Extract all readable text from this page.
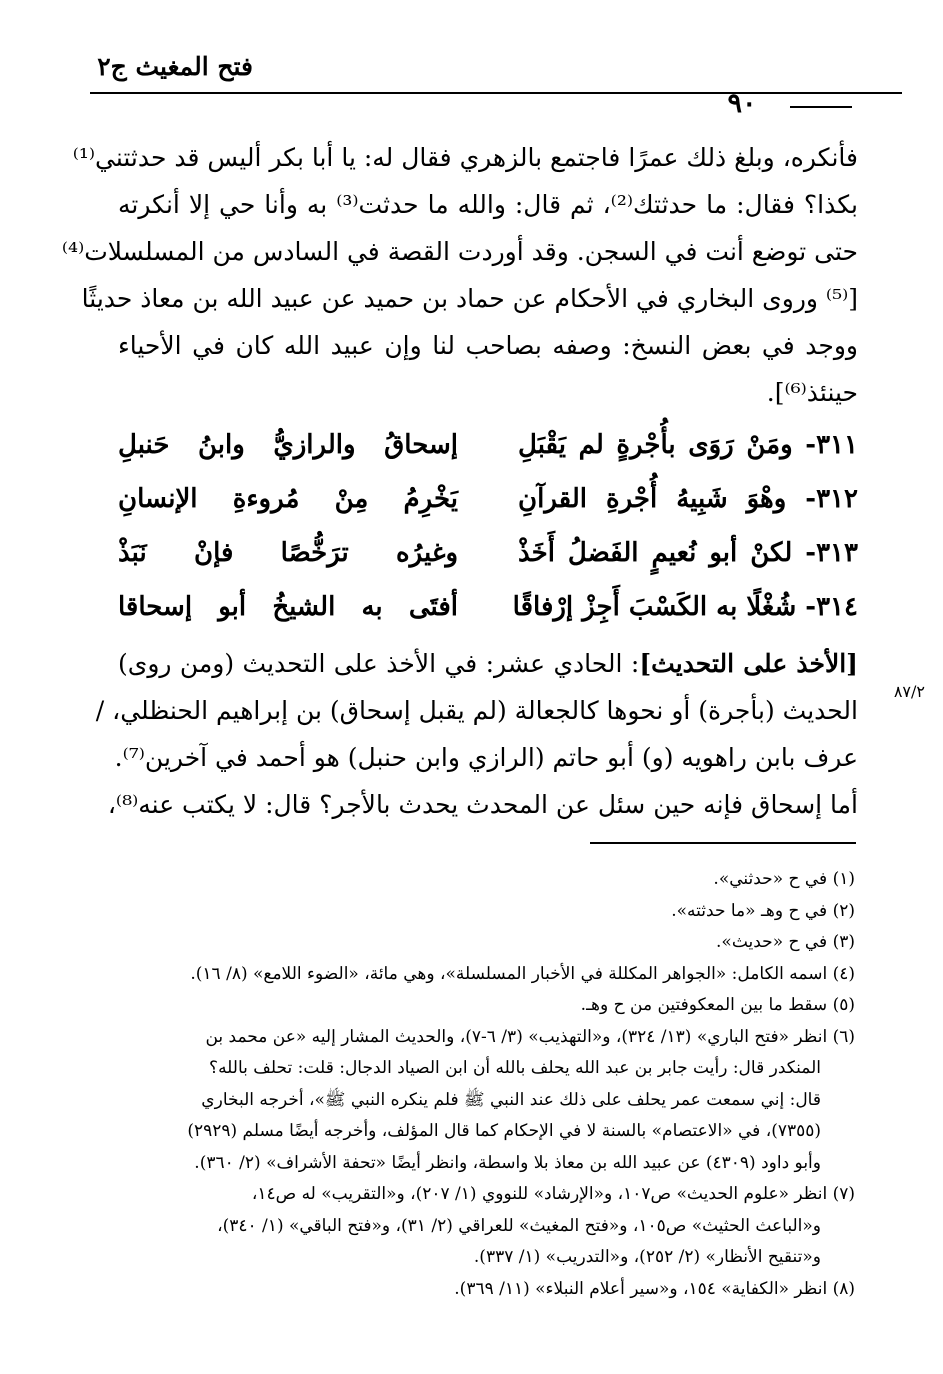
فتح المغيث ج٢
٩٠
فأنكره، وبلغ ذلك عمرًا فاجتمع بالزهري فقال له: يا أبا بكر أليس قد حدثتني⁽¹⁾
بكذا؟ فقال: ما حدثتك⁽²⁾، ثم قال: والله ما حدثت⁽³⁾ به وأنا حي إلا أنكرته
حتى توضع أنت في السجن. وقد أوردت القصة في السادس من المسلسلات⁽⁴⁾
[⁽⁵⁾ وروى البخاري في الأحكام عن حماد بن حميد عن عبيد الله بن معاذ حديثًا
ووجد في بعض النسخ: وصفه بصاحب لنا وإن عبيد الله كان في الأحياء
حينئذ⁽⁶⁾].
٣١١- ومَنْ رَوَى بأُجْرةٍ لم يَقْبَلِ
إسحاقُ والرازيُّ وابنُ حَنبلِ
٣١٢- وهْوَ شَبِيهُ أُجْرةِ القرآنِ
يَخْرِمُ مِنْ مُروءةِ الإنسانِ
٣١٣- لكنْ أبو نُعيمٍ الفَضلُ أَخَذْ
وغيرُه ترَخُّصًا فإنْ نَبَذْ
٣١٤- شُغْلًا به الكَسْبَ أَجِزْ إرْفاقًا
أفتَى به الشيخُ أبو إسحاقا
[الأخذ على التحديث]: الحادي عشر: في الأخذ على التحديث (ومن روى)
الحديث (بأجرة) أو نحوها كالجعالة (لم يقبل إسحاق) بن إبراهيم الحنظلي، /
عرف بابن راهويه (و) أبو حاتم (الرازي وابن حنبل) هو أحمد في آخرين⁽⁷⁾.
أما إسحاق فإنه حين سئل عن المحدث يحدث بالأجر؟ قال: لا يكتب عنه⁽⁸⁾،
٨٧/٢
(١) في ح «حدثني».
(٢) في ح وهـ «ما حدثته».
(٣) في ح «حديث».
(٤) اسمه الكامل: «الجواهر المكللة في الأخبار المسلسلة»، وهي مائة، «الضوء اللامع» (٨/ ١٦).
(٥) سقط ما بين المعكوفتين من ح وهـ.
(٦) انظر «فتح الباري» (١٣/ ٣٢٤)، و«التهذيب» (٣/ ٦-٧)، والحديث المشار إليه «عن محمد بن
المنكدر قال: رأيت جابر بن عبد الله يحلف بالله أن ابن الصياد الدجال: قلت: تحلف بالله؟
قال: إني سمعت عمر يحلف على ذلك عند النبي ﷺ فلم ينكره النبي ﷺ»، أخرجه البخاري
(٧٣٥٥)، في «الاعتصام» بالسنة لا في الإحكام كما قال المؤلف، وأخرجه أيضًا مسلم (٢٩٢٩)
وأبو داود (٤٣٠٩) عن عبيد الله بن معاذ بلا واسطة، وانظر أيضًا «تحفة الأشراف» (٢/ ٣٦٠).
(٧) انظر «علوم الحديث» ص١٠٧، و«الإرشاد» للنووي (١/ ٢٠٧)، و«التقريب» له ص١٤،
و«الباعث الحثيث» ص١٠٥، و«فتح المغيث» للعراقي (٢/ ٣١)، و«فتح الباقي» (١/ ٣٤٠)،
و«تنقيح الأنظار» (٢/ ٢٥٢)، و«التدريب» (١/ ٣٣٧).
(٨) انظر «الكفاية» ١٥٤، و«سير أعلام النبلاء» (١١/ ٣٦٩).
